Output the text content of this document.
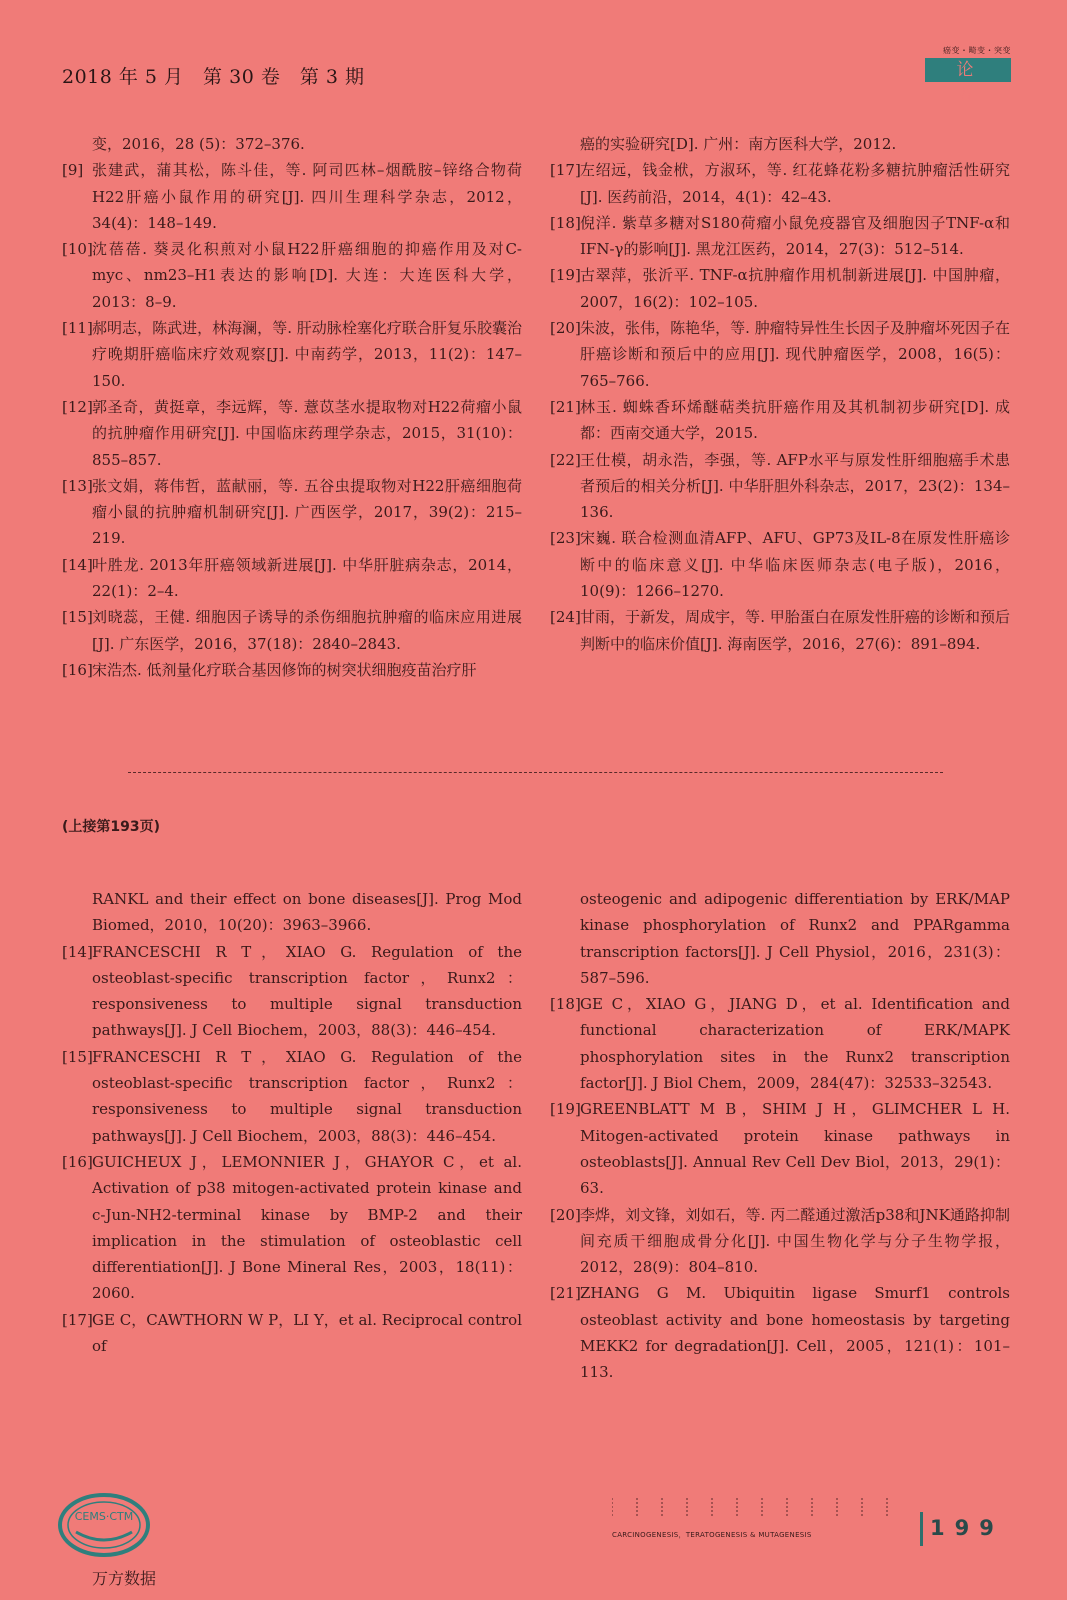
2018 年 5 月　第 30 卷　第 3 期
癌变・畸变・突变
论 著
变，2016，28 (5)：372–376.
[9] 张建武，蒲其松，陈斗佳，等. 阿司匹林–烟酰胺–锌络合物荷H22肝癌小鼠作用的研究[J]. 四川生理科学杂志，2012，34(4)：148–149.
[10] 沈蓓蓓. 葵灵化积煎对小鼠H22肝癌细胞的抑癌作用及对C-myc、nm23–H1表达的影响[D]. 大连：大连医科大学，2013：8–9.
[11] 郝明志，陈武进，林海澜，等. 肝动脉栓塞化疗联合肝复乐胶囊治疗晚期肝癌临床疗效观察[J]. 中南药学，2013，11(2)：147–150.
[12] 郭圣奇，黄挺章，李远辉，等. 薏苡茎水提取物对H22荷瘤小鼠的抗肿瘤作用研究[J]. 中国临床药理学杂志，2015，31(10)：855–857.
[13] 张文娟，蒋伟哲，蓝献丽，等. 五谷虫提取物对H22肝癌细胞荷瘤小鼠的抗肿瘤机制研究[J]. 广西医学，2017，39(2)：215–219.
[14] 叶胜龙. 2013年肝癌领域新进展[J]. 中华肝脏病杂志，2014，22(1)：2–4.
[15] 刘晓蕊，王健. 细胞因子诱导的杀伤细胞抗肿瘤的临床应用进展[J]. 广东医学，2016，37(18)：2840–2843.
[16] 宋浩杰. 低剂量化疗联合基因修饰的树突状细胞疫苗治疗肝
癌的实验研究[D]. 广州：南方医科大学，2012.
[17] 左绍远，钱金栿，方淑环，等. 红花蜂花粉多糖抗肿瘤活性研究[J]. 医药前沿，2014，4(1)：42–43.
[18] 倪洋. 紫草多糖对S180荷瘤小鼠免疫器官及细胞因子TNF-α和IFN-γ的影响[J]. 黑龙江医药，2014，27(3)：512–514.
[19] 古翠萍，张沂平. TNF-α抗肿瘤作用机制新进展[J]. 中国肿瘤，2007，16(2)：102–105.
[20] 朱波，张伟，陈艳华，等. 肿瘤特异性生长因子及肿瘤坏死因子在肝癌诊断和预后中的应用[J]. 现代肿瘤医学，2008，16(5)：765–766.
[21] 林玉. 蜘蛛香环烯醚萜类抗肝癌作用及其机制初步研究[D]. 成都：西南交通大学，2015.
[22] 王仕模，胡永浩，李强，等. AFP水平与原发性肝细胞癌手术患者预后的相关分析[J]. 中华肝胆外科杂志，2017，23(2)：134–136.
[23] 宋巍. 联合检测血清AFP、AFU、GP73及IL-8在原发性肝癌诊断中的临床意义[J]. 中华临床医师杂志(电子版)，2016，10(9)：1266–1270.
[24] 甘雨，于新发，周成宇，等. 甲胎蛋白在原发性肝癌的诊断和预后判断中的临床价值[J]. 海南医学，2016，27(6)：891–894.
(上接第193页)
RANKL and their effect on bone diseases[J]. Prog Mod Biomed，2010，10(20)：3963–3966.
[14] FRANCESCHI R T，XIAO G. Regulation of the osteoblast-specific transcription factor，Runx2：responsiveness to multiple signal transduction pathways[J]. J Cell Biochem，2003，88(3)：446–454.
[15] FRANCESCHI R T，XIAO G. Regulation of the osteoblast-specific transcription factor，Runx2：responsiveness to multiple signal transduction pathways[J]. J Cell Biochem，2003，88(3)：446–454.
[16] GUICHEUX J，LEMONNIER J，GHAYOR C，et al. Activation of p38 mitogen-activated protein kinase and c-Jun-NH2-terminal kinase by BMP-2 and their implication in the stimulation of osteoblastic cell differentiation[J]. J Bone Mineral Res，2003，18(11)：2060.
[17] GE C，CAWTHORN W P，LI Y，et al. Reciprocal control of
osteogenic and adipogenic differentiation by ERK/MAP kinase phosphorylation of Runx2 and PPARgamma transcription factors[J]. J Cell Physiol，2016，231(3)：587–596.
[18] GE C，XIAO G，JIANG D，et al. Identification and functional characterization of ERK/MAPK phosphorylation sites in the Runx2 transcription factor[J]. J Biol Chem，2009，284(47)：32533–32543.
[19] GREENBLATT M B，SHIM J H，GLIMCHER L H. Mitogen-activated protein kinase pathways in osteoblasts[J]. Annual Rev Cell Dev Biol，2013，29(1)：63.
[20] 李烨，刘文锋，刘如石，等. 丙二醛通过激活p38和JNK通路抑制间充质干细胞成骨分化[J]. 中国生物化学与分子生物学报，2012，28(9)：804–810.
[21] ZHANG G M. Ubiquitin ligase Smurf1 controls osteoblast activity and bone homeostasis by targeting MEKK2 for degradation[J]. Cell，2005，121(1)：101–113.
CEMS·CTM
万方数据
CARCINOGENESIS，TERATOGENESIS & MUTAGENESIS	199
